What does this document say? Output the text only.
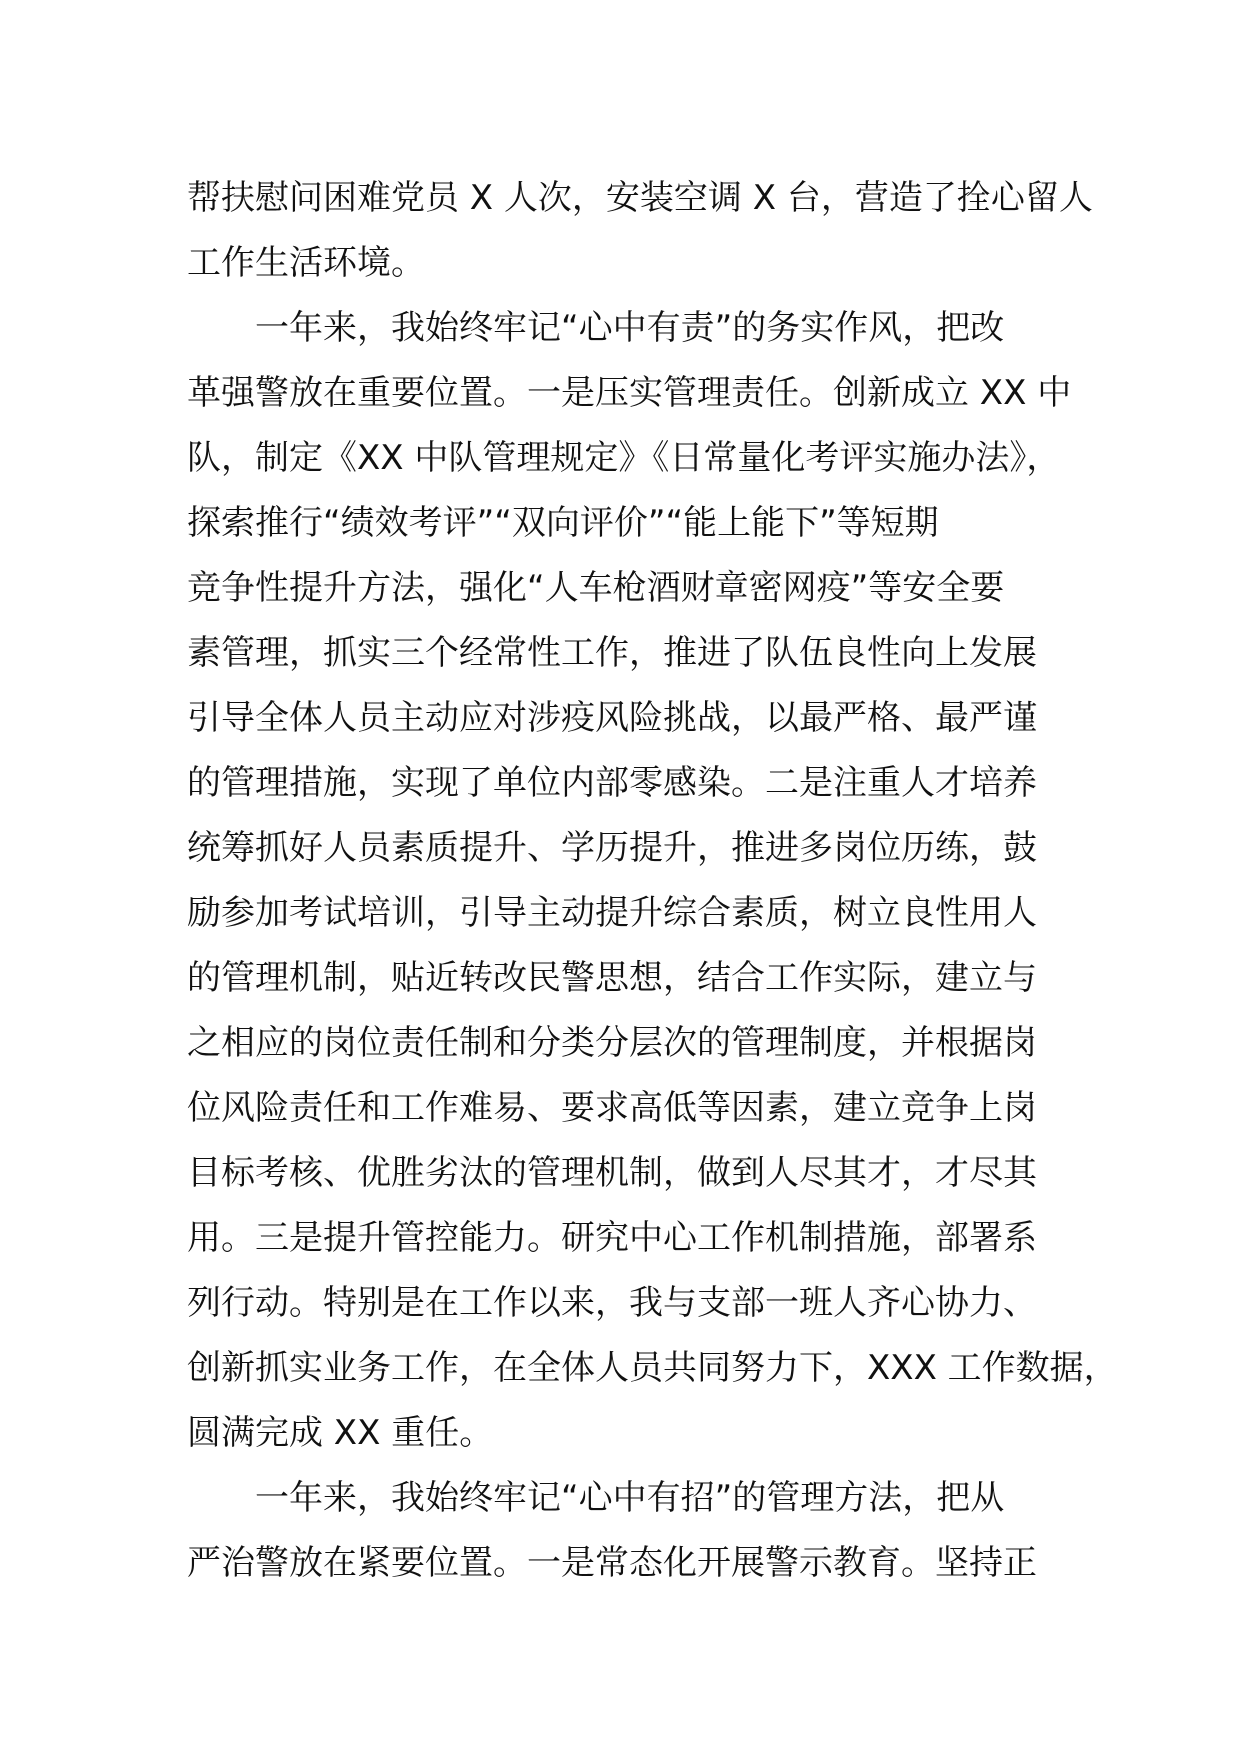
帮扶慰问困难党员 X 人次，安装空调 X 台，营造了拴心留人
工作生活环境。
一年来，我始终牢记“心中有责”的务实作风，把改
革强警放在重要位置。一是压实管理责任。创新成立 XX 中
队，制定《XX 中队管理规定》《日常量化考评实施办法》，
探索推行“绩效考评”“双向评价”“能上能下”等短期
竞争性提升方法，强化“人车枪酒财章密网疫”等安全要
素管理，抓实三个经常性工作，推进了队伍良性向上发展
引导全体人员主动应对涉疫风险挑战，以最严格、最严谨
的管理措施，实现了单位内部零感染。二是注重人才培养
统筹抓好人员素质提升、学历提升，推进多岗位历练，鼓
励参加考试培训，引导主动提升综合素质，树立良性用人
的管理机制，贴近转改民警思想，结合工作实际，建立与
之相应的岗位责任制和分类分层次的管理制度，并根据岗
位风险责任和工作难易、要求高低等因素，建立竞争上岗
目标考核、优胜劣汰的管理机制，做到人尽其才，才尽其
用。三是提升管控能力。研究中心工作机制措施，部署系
列行动。特别是在工作以来，我与支部一班人齐心协力、
创新抓实业务工作，在全体人员共同努力下，XXX 工作数据，
圆满完成 XX 重任。
一年来，我始终牢记“心中有招”的管理方法，把从
严治警放在紧要位置。一是常态化开展警示教育。坚持正
